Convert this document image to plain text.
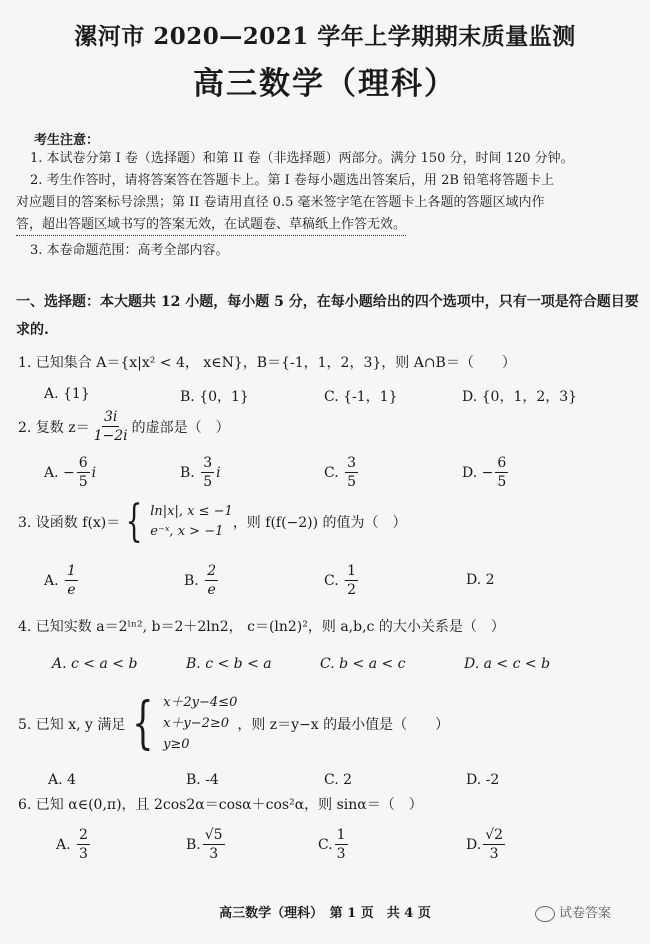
漯河市 2020—2021 学年上学期期末质量监测
高三数学（理科）
考生注意：
1. 本试卷分第 I 卷（选择题）和第 II 卷（非选择题）两部分。满分 150 分，时间 120 分钟。
2. 考生作答时，请将答案答在答题卡上。第 I 卷每小题选出答案后，用 2B 铅笔将答题卡上
对应题目的答案标号涂黑；第 II 卷请用直径 0.5 毫米签字笔在答题卡上各题的答题区域内作
答，超出答题区域书写的答案无效，在试题卷、草稿纸上作答无效。
3. 本卷命题范围：高考全部内容。
一、选择题：本大题共 12 小题，每小题 5 分，在每小题给出的四个选项中，只有一项是符合题目要求的.
1. 已知集合 A＝{x|x² < 4， x∈N}，B＝{-1，1，2，3}，则 A∩B＝（　　）
A. {1}	B. {0，1}	C. {-1，1}	D. {0，1，2，3}
2. 复数 $z= \frac{3i}{1-2i}$ 的虚部是（　）
A.
− $\frac{6}{5}$ i	B.
$\frac{3}{5}$ i	C.
$\frac{3}{5}$	D.
− $\frac{6}{5}$
3. 设函数 f(x)＝ { ln|x|, x ≤ −1
e⁻ˣ, x > −1
，则 f(f(−2)) 的值为（　）
A.
$\frac{1}{e}$	B.
$\frac{2}{e}$	C.
$\frac{1}{2}$	D. 2
4. 已知实数 a＝2ˡⁿ², b＝2＋2ln2， c＝(ln2)²，则 a,b,c 的大小关系是（　）
A. c < a < b	B. c < b < a	C. b < a < c	D. a < c < b
5. 已知 x, y 满足 { x＋2y−4≤0
x＋y−2≥0
y≥0
，则 z＝y−x 的最小值是（　　）
A. 4	B. -4	C. 2	D. -2
6. 已知 α∈(0,π)，且 2cos2α＝cosα＋cos²α，则 sinα＝（　）
A.
$\frac{2}{3}$	B. $\frac{√5}{3}$	C. $\frac{1}{3}$	D. $\frac{√2}{3}$
高三数学（理科）　第 1 页　共 4 页	试卷答案
